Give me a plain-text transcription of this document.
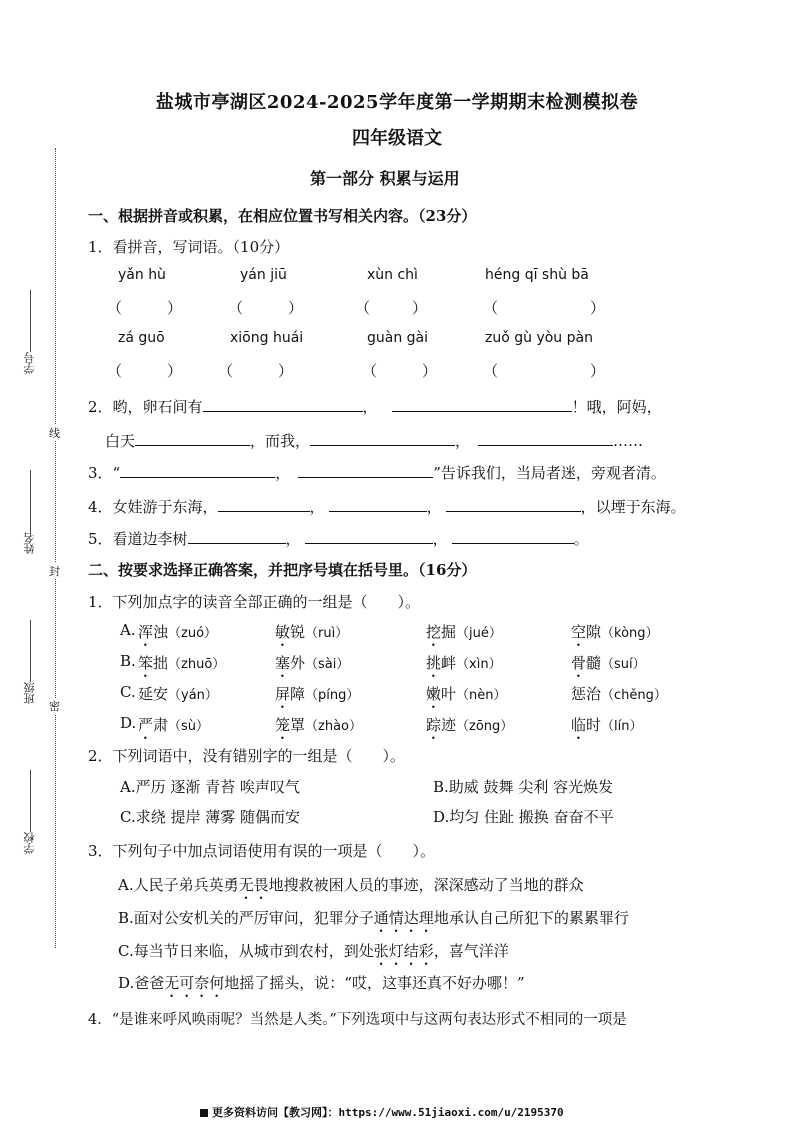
线
封
密
学号
姓名
班级
学校
盐城市亭湖区2024-2025学年度第一学期期末检测模拟卷
四年级语文
第一部分 积累与运用
一、根据拼音或积累，在相应位置书写相关内容。（23分）
1．看拼音，写词语。（10分）
yǎn hù	yán jiū	xùn chì	héng qī shù bā
（	）	（	）	（	）	（	）
zá guō	xiōng huái	guàn gài	zuǒ gù yòu pàn
（	） （	）	（	）	（	）
2．哟，卵石间有	，	！哦，阿妈，
白天	，而我，	，	……
3．“	，	”告诉我们，当局者迷，旁观者清。
4．女娃游于东海，	，	，	，以堙于东海。
5．看道边李树	，	，	。
二、按要求选择正确答案，并把序号填在括号里。（16分）
1．下列加点字的读音全部正确的一组是（　　）。
A. 浑浊（zuó）	敏锐（ruì）	挖掘（jué）	空隙（kòng）
B. 笨拙（zhuō）	塞外（sài）	挑衅（xìn）	骨髓（suí）
C. 延安（yán）	屏障（píng）	嫩叶（nèn）	惩治（chěng）
D. 严肃（sù）	笼罩（zhào）	踪迹（zōng）	临时（lín）
2．下列词语中，没有错别字的一组是（　　）。
A.严历 逐渐 青苔 唉声叹气	B.助威 鼓舞 尖利 容光焕发
C.求绕 提岸 薄雾 随偶而安	D.均匀 住趾 搬换 奋奋不平
3．下列句子中加点词语使用有误的一项是（　　）。
A.人民子弟兵英勇无畏地搜救被困人员的事迹，深深感动了当地的群众
B.面对公安机关的严厉审问，犯罪分子通情达理地承认自己所犯下的累累罪行
C.每当节日来临，从城市到农村，到处张灯结彩，喜气洋洋
D.爸爸无可奈何地摇了摇头，说：“哎，这事还真不好办哪！”
4．“是谁来呼风唤雨呢？当然是人类。”下列选项中与这两句表达形式不相同的一项是
更多资料访问【教习网】：https://www.51jiaoxi.com/u/2195370
